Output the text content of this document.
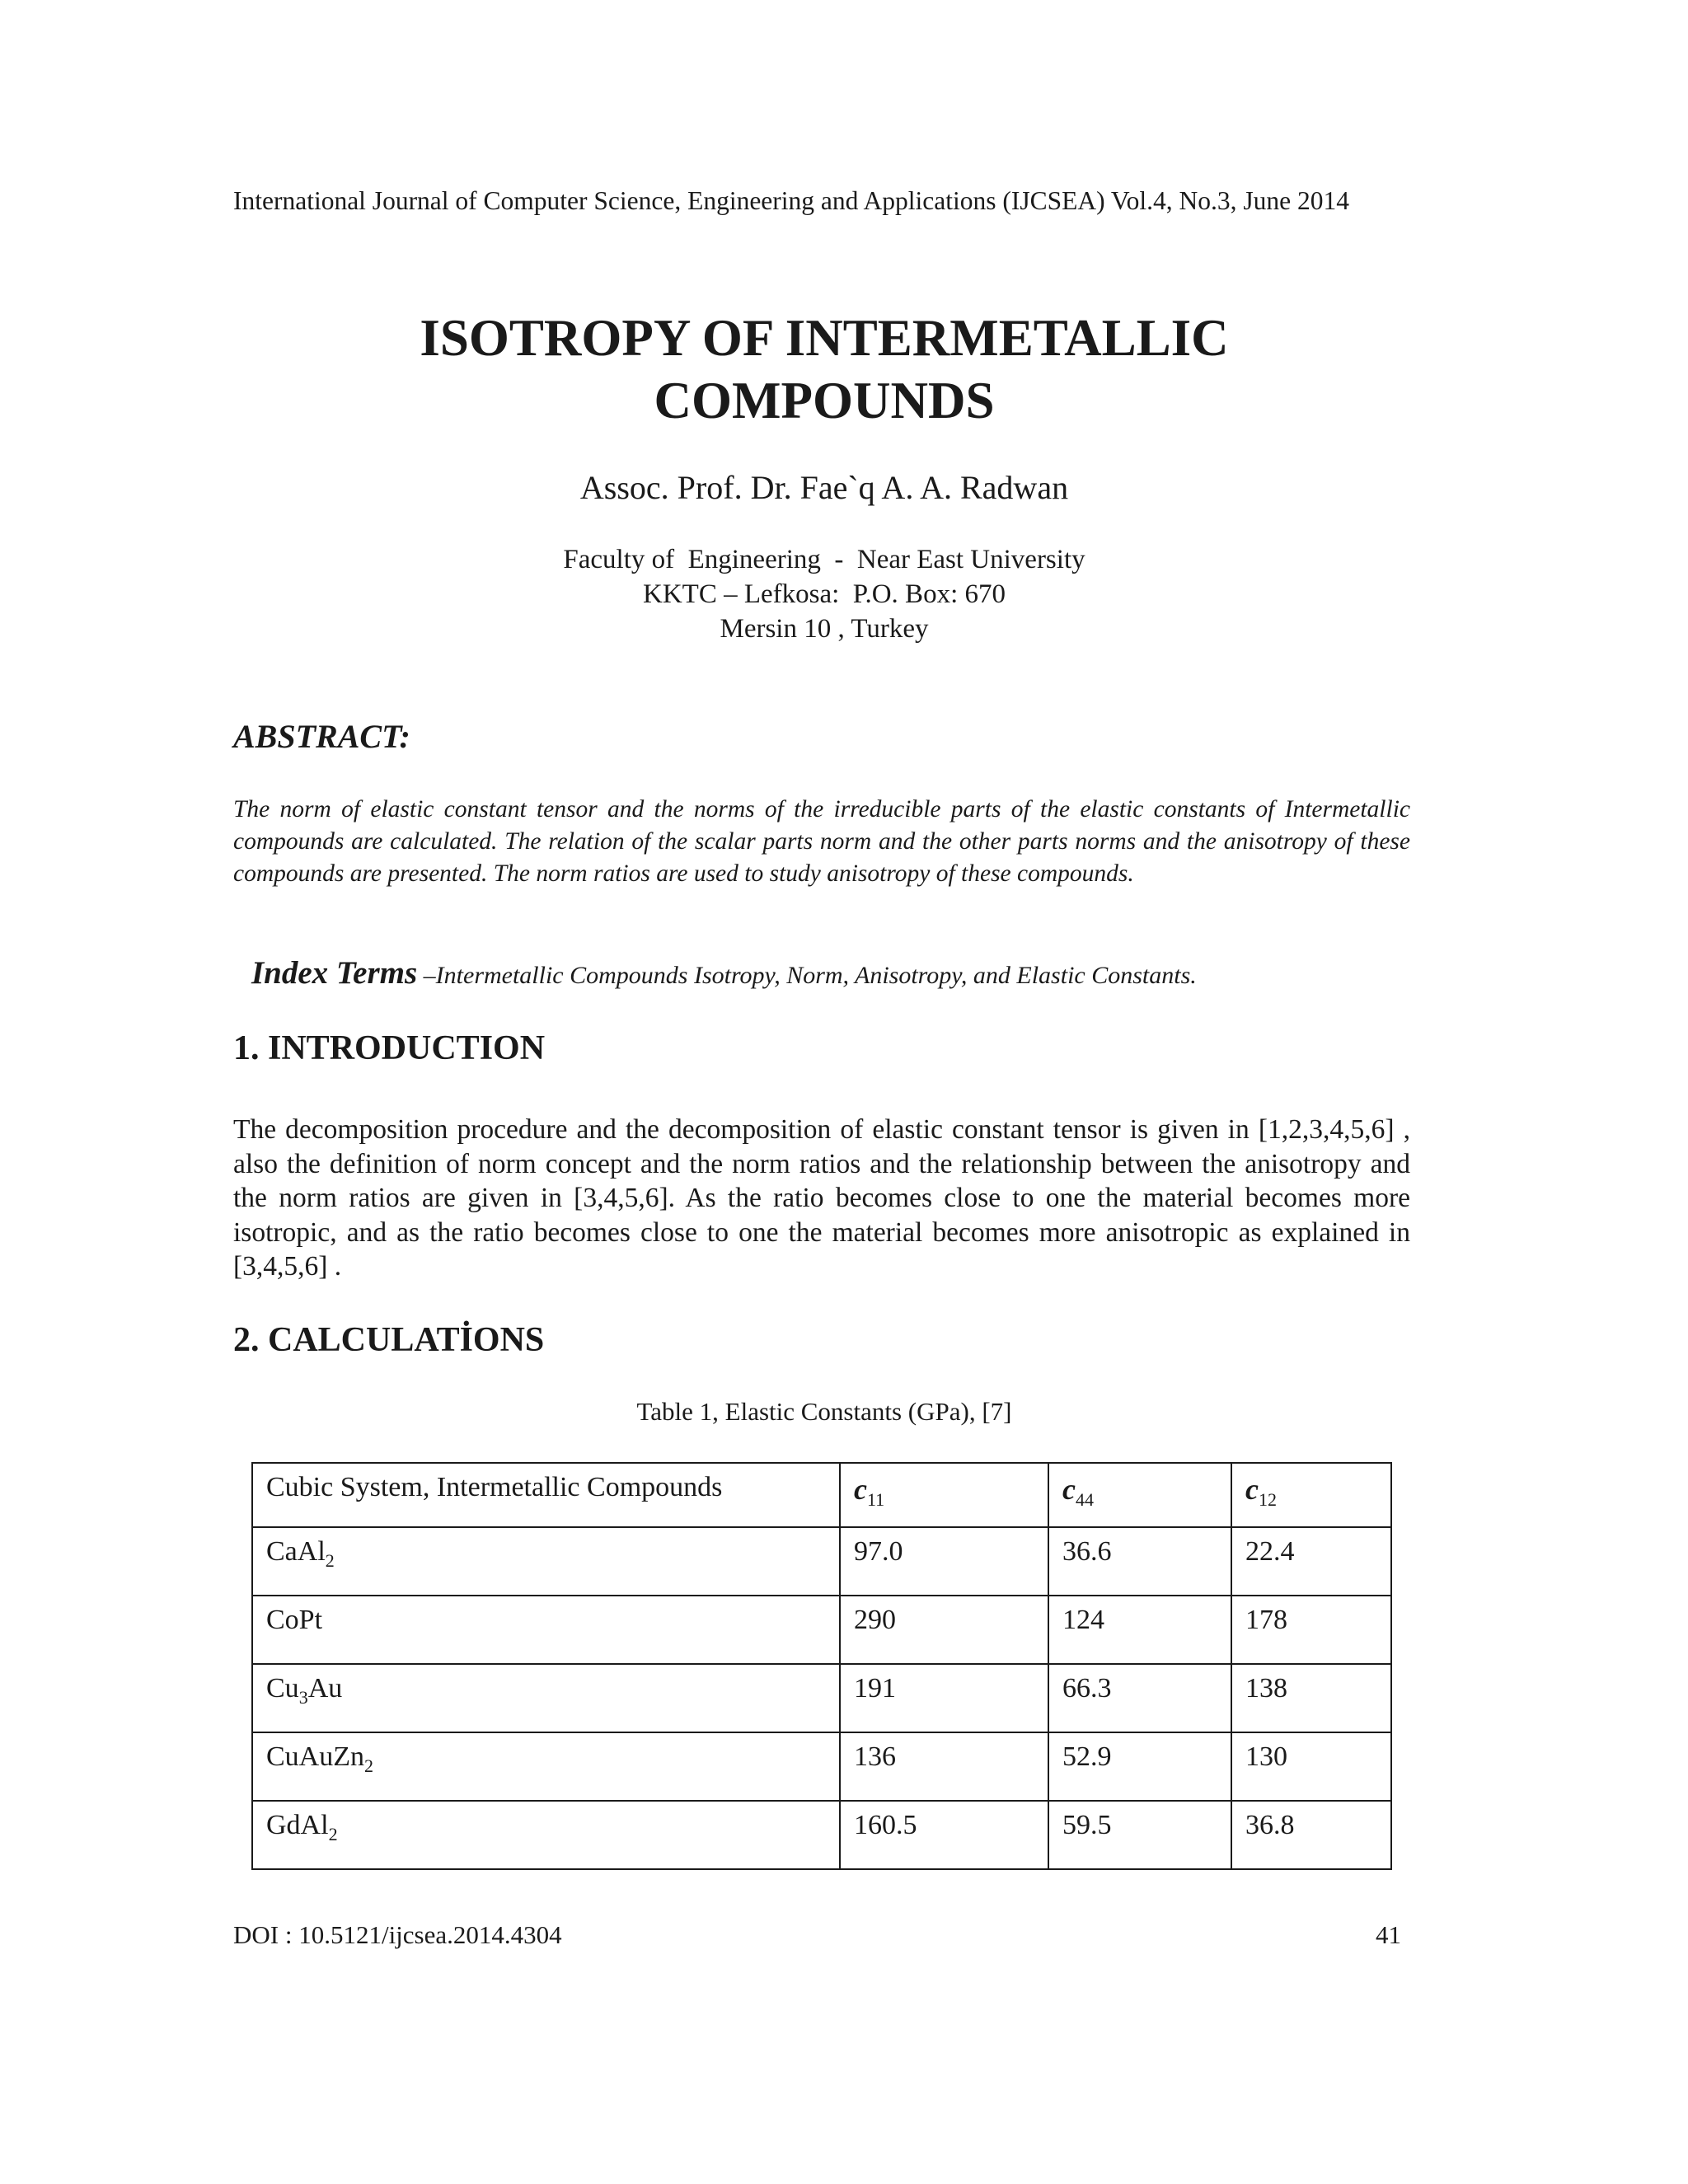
International Journal of Computer Science, Engineering and Applications (IJCSEA) Vol.4, No.3, June 2014
ISOTROPY OF INTERMETALLIC
COMPOUNDS
Assoc. Prof. Dr. Fae`q A. A. Radwan
Faculty of  Engineering  -  Near East University
KKTC – Lefkosa:  P.O. Box: 670
Mersin 10 , Turkey
ABSTRACT:
The norm of elastic constant tensor and the norms of the irreducible parts of the elastic constants of Intermetallic compounds are calculated. The relation of the scalar parts norm and the other parts norms and the anisotropy of these compounds are presented. The norm ratios are used to study anisotropy of these compounds.
Index Terms –Intermetallic Compounds Isotropy, Norm, Anisotropy, and Elastic Constants.
1. INTRODUCTION
The decomposition procedure and the decomposition of elastic constant tensor is given in [1,2,3,4,5,6] , also the definition of norm concept and the norm ratios and the relationship between the anisotropy and the norm ratios are given in [3,4,5,6]. As the ratio becomes close to one the material becomes more isotropic, and as the ratio becomes close to one the material becomes more anisotropic as explained in [3,4,5,6] .
2. CALCULATİONS
Table 1, Elastic Constants (GPa), [7]
Cubic System, Intermetallic Compounds	$c_{11}$	$c_{44}$	$c_{12}$
CaAl$_2$	97.0	36.6	22.4
CoPt	290	124	178
$Cu_3Au$	191	66.3	138
CuAuZn$_2$	136	52.9	130
GdAl$_2$	160.5	59.5	36.8
DOI : 10.5121/ijcsea.2014.4304	41
